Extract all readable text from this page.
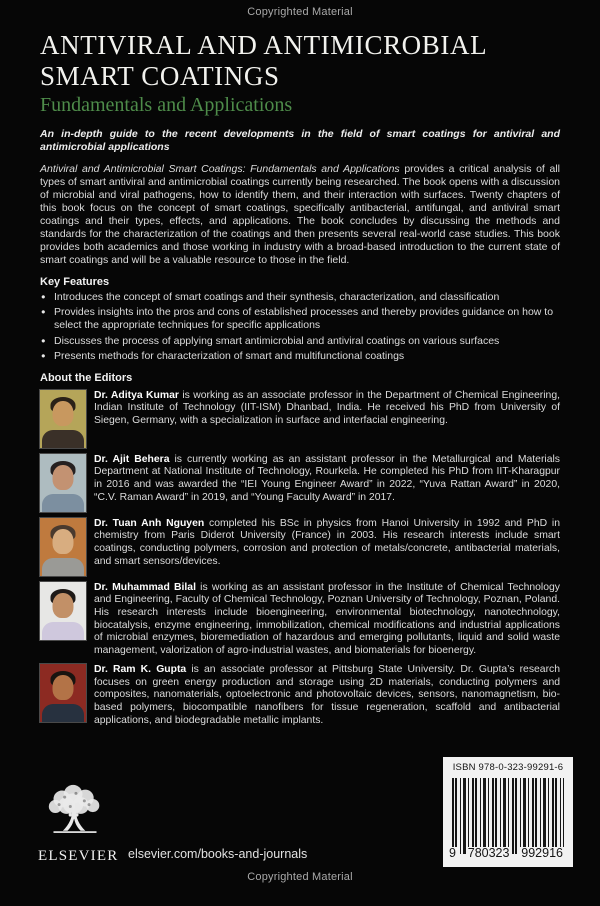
Copyrighted Material
ANTIVIRAL AND ANTIMICROBIAL
SMART COATINGS
Fundamentals and Applications

An in-depth guide to the recent developments in the field of smart coatings for antiviral and antimicrobial applications

Antiviral and Antimicrobial Smart Coatings: Fundamentals and Applications provides a critical analysis of all types of smart antiviral and antimicrobial coatings currently being researched. The book opens with a discussion of microbial and viral pathogens, how to identify them, and their interaction with surfaces. Twenty chapters of this book focus on the concept of smart coatings, specifically antibacterial, antifungal, and antiviral smart coatings and their types, effects, and applications. The book concludes by discussing the methods and standards for the characterization of the coatings and then presents several real-world case studies. This book provides both academics and those working in industry with a broad-based introduction to the current state of smart coatings and will be a valuable resource to those in the field.

Key Features
● Introduces the concept of smart coatings and their synthesis, characterization, and classification
● Provides insights into the pros and cons of established processes and thereby provides guidance on how to select the appropriate techniques for specific applications
● Discusses the process of applying smart antimicrobial and antiviral coatings on various surfaces
● Presents methods for characterization of smart and multifunctional coatings
About the Editors

Dr. Aditya Kumar is working as an associate professor in the Department of Chemical Engineering, Indian Institute of Technology (IIT-ISM) Dhanbad, India. He received his PhD from University of Siegen, Germany, with a specialization in surface and interfacial engineering.

Dr. Ajit Behera is currently working as an assistant professor in the Metallurgical and Materials Department at National Institute of Technology, Rourkela. He completed his PhD from IIT-Kharagpur in 2016 and was awarded the “IEI Young Engineer Award” in 2022, “Yuva Rattan Award” in 2020, “C.V. Raman Award” in 2019, and “Young Faculty Award” in 2017.

Dr. Tuan Anh Nguyen completed his BSc in physics from Hanoi University in 1992 and PhD in chemistry from Paris Diderot University (France) in 2003. His research interests include smart coatings, conducting polymers, corrosion and protection of metals/concrete, antibacterial materials, and smart sensors/devices.

Dr. Muhammad Bilal is working as an assistant professor in the Institute of Chemical Technology and Engineering, Faculty of Chemical Technology, Poznan University of Technology, Poznan, Poland. His research interests include bioengineering, environmental biotechnology, nanotechnology, biocatalysis, enzyme engineering, immobilization, chemical modifications and industrial applications of microbial enzymes, bioremediation of hazardous and emerging pollutants, liquid and solid waste management, valorization of agro-industrial wastes, and biomaterials for bioenergy.

Dr. Ram K. Gupta is an associate professor at Pittsburg State University. Dr. Gupta’s research focuses on green energy production and storage using 2D materials, conducting polymers and composites, nanomaterials, optoelectronic and photovoltaic devices, sensors, nanomagnetism, bio-based polymers, biocompatible nanofibers for tissue regeneration, scaffold and antibacterial applications, and biodegradable metallic implants.

ELSEVIER elsevier.com/books-and-journals
ISBN 978-0-323-99291-6
9 780323 992916
Copyrighted Material
